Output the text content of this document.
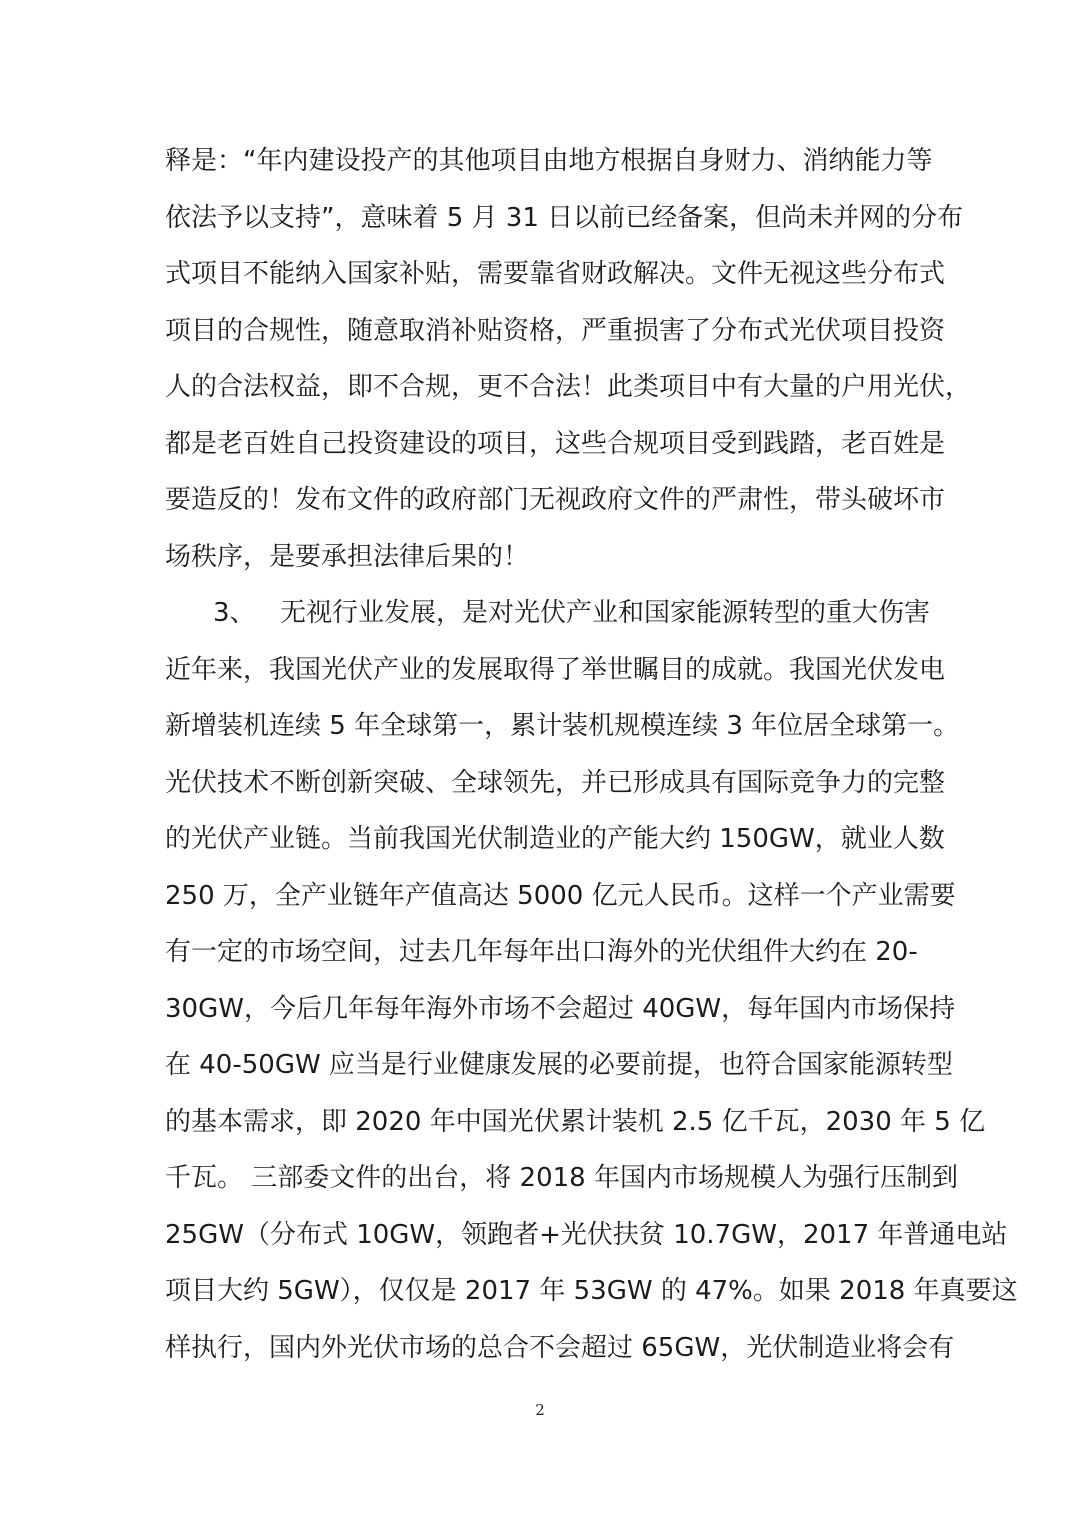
释是：“年内建设投产的其他项目由地方根据自身财力、消纳能力等
依法予以支持”，意味着 5 月 31 日以前已经备案，但尚未并网的分布
式项目不能纳入国家补贴，需要靠省财政解决。文件无视这些分布式
项目的合规性，随意取消补贴资格，严重损害了分布式光伏项目投资
人的合法权益，即不合规，更不合法！此类项目中有大量的户用光伏，
都是老百姓自己投资建设的项目，这些合规项目受到践踏，老百姓是
要造反的！发布文件的政府部门无视政府文件的严肃性，带头破坏市
场秩序，是要承担法律后果的！
3、 无视行业发展，是对光伏产业和国家能源转型的重大伤害
近年来，我国光伏产业的发展取得了举世瞩目的成就。我国光伏发电
新增装机连续 5 年全球第一，累计装机规模连续 3 年位居全球第一。
光伏技术不断创新突破、全球领先，并已形成具有国际竞争力的完整
的光伏产业链。当前我国光伏制造业的产能大约 150GW，就业人数
250 万，全产业链年产值高达 5000 亿元人民币。这样一个产业需要
有一定的市场空间，过去几年每年出口海外的光伏组件大约在 20-
30GW，今后几年每年海外市场不会超过 40GW，每年国内市场保持
在 40-50GW 应当是行业健康发展的必要前提，也符合国家能源转型
的基本需求，即 2020 年中国光伏累计装机 2.5 亿千瓦，2030 年 5 亿
千瓦。 三部委文件的出台，将 2018 年国内市场规模人为强行压制到
25GW（分布式 10GW，领跑者+光伏扶贫 10.7GW，2017 年普通电站
项目大约 5GW），仅仅是 2017 年 53GW 的 47%。如果 2018 年真要这
样执行，国内外光伏市场的总合不会超过 65GW，光伏制造业将会有
2
